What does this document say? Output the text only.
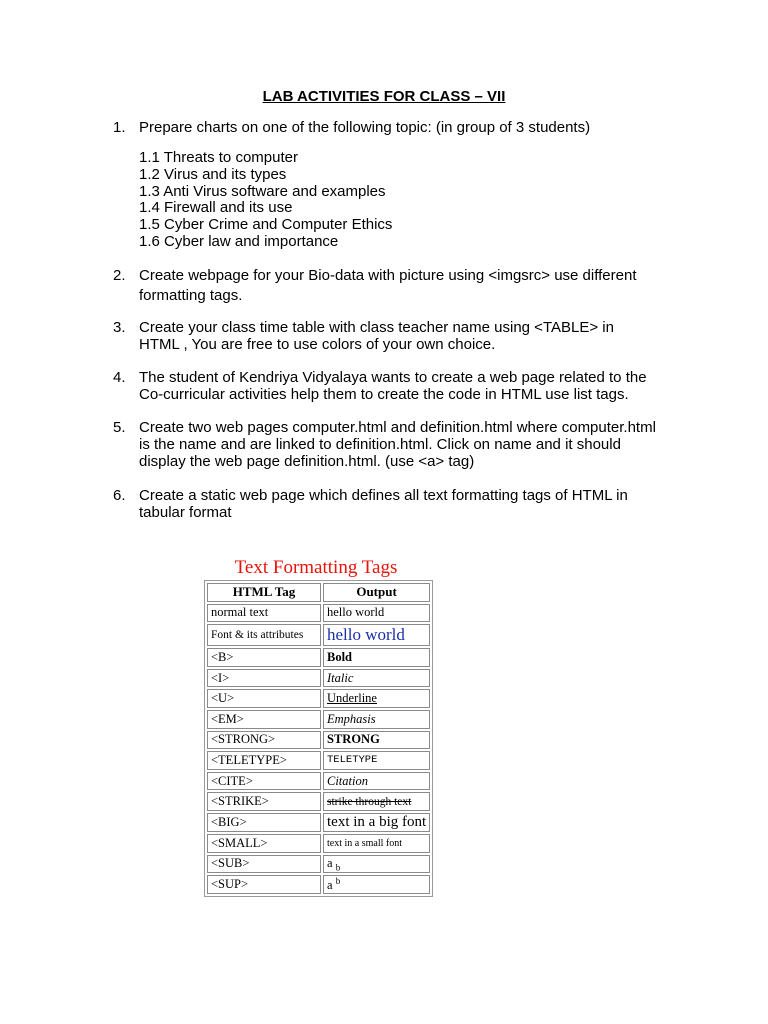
LAB ACTIVITIES FOR CLASS – VII
1. Prepare charts on one of the following topic: (in group of 3 students)
1.1 Threats to computer
1.2 Virus and its types
1.3 Anti Virus software and examples
1.4 Firewall and its use
1.5 Cyber Crime and Computer Ethics
1.6 Cyber law and importance
2. Create webpage for your Bio-data with picture using <imgsrc> use different
formatting tags.
3. Create your class time table with class teacher name using <TABLE> in
HTML , You are free to use colors of your own choice.
4. The student of Kendriya Vidyalaya wants to create a web page related to the
Co-curricular activities help them to create the code in HTML use list tags.
5. Create two web pages computer.html and definition.html where computer.html
is the name and are linked to definition.html. Click on name and it should
display the web page definition.html. (use <a> tag)
6. Create a static web page which defines all text formatting tags of HTML in
tabular format
Text Formatting Tags
HTML Tag	Output
normal text	hello world
Font & its attributes	hello world
<B>	Bold
<I>	Italic
<U>	Underline
<EM>	Emphasis
<STRONG>	STRONG
<TELETYPE>	TELETYPE
<CITE>	Citation
<STRIKE>	strike through text
<BIG>	text in a big font
<SMALL>	text in a small font
<SUB>	a $_b$
<SUP>	a $^b$
